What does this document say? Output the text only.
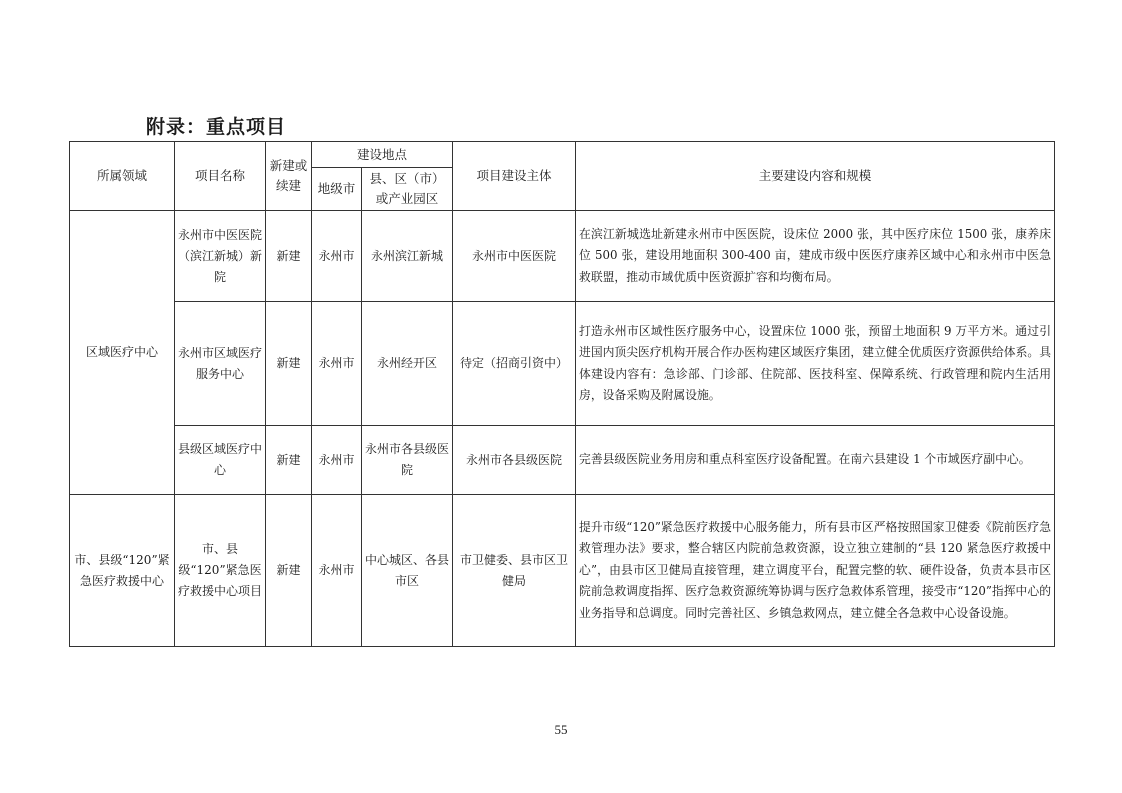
附录：重点项目
所属领域	项目名称	新建或续建	建设地点		项目建设主体	主要建设内容和规模
			地级市	县、区（市）或产业园区		
区域医疗中心	永州市中医医院（滨江新城）新院	新建	永州市	永州滨江新城	永州市中医医院	在滨江新城选址新建永州市中医医院，设床位 2000 张，其中医疗床位 1500 张，康养床位 500 张，建设用地面积 300-400 亩，建成市级中医医疗康养区域中心和永州市中医急救联盟，推动市域优质中医资源扩容和均衡布局。
	永州市区域医疗服务中心	新建	永州市	永州经开区	待定（招商引资中）	打造永州市区域性医疗服务中心，设置床位 1000 张，预留土地面积 9 万平方米。通过引进国内顶尖医疗机构开展合作办医构建区域医疗集团，建立健全优质医疗资源供给体系。具体建设内容有：急诊部、门诊部、住院部、医技科室、保障系统、行政管理和院内生活用房，设备采购及附属设施。
	县级区域医疗中心	新建	永州市	永州市各县级医院	永州市各县级医院	完善县级医院业务用房和重点科室医疗设备配置。在南六县建设 1 个市域医疗副中心。
市、县级“120”紧急医疗救援中心	市、县级“120”紧急医疗救援中心项目	新建	永州市	中心城区、各县市区	市卫健委、县市区卫健局	提升市级“120”紧急医疗救援中心服务能力，所有县市区严格按照国家卫健委《院前医疗急救管理办法》要求，整合辖区内院前急救资源，设立独立建制的“县 120 紧急医疗救援中心”，由县市区卫健局直接管理，建立调度平台，配置完整的软、硬件设备，负责本县市区院前急救调度指挥、医疗急救资源统筹协调与医疗急救体系管理，接受市“120”指挥中心的业务指导和总调度。同时完善社区、乡镇急救网点，建立健全各急救中心设备设施。
55
